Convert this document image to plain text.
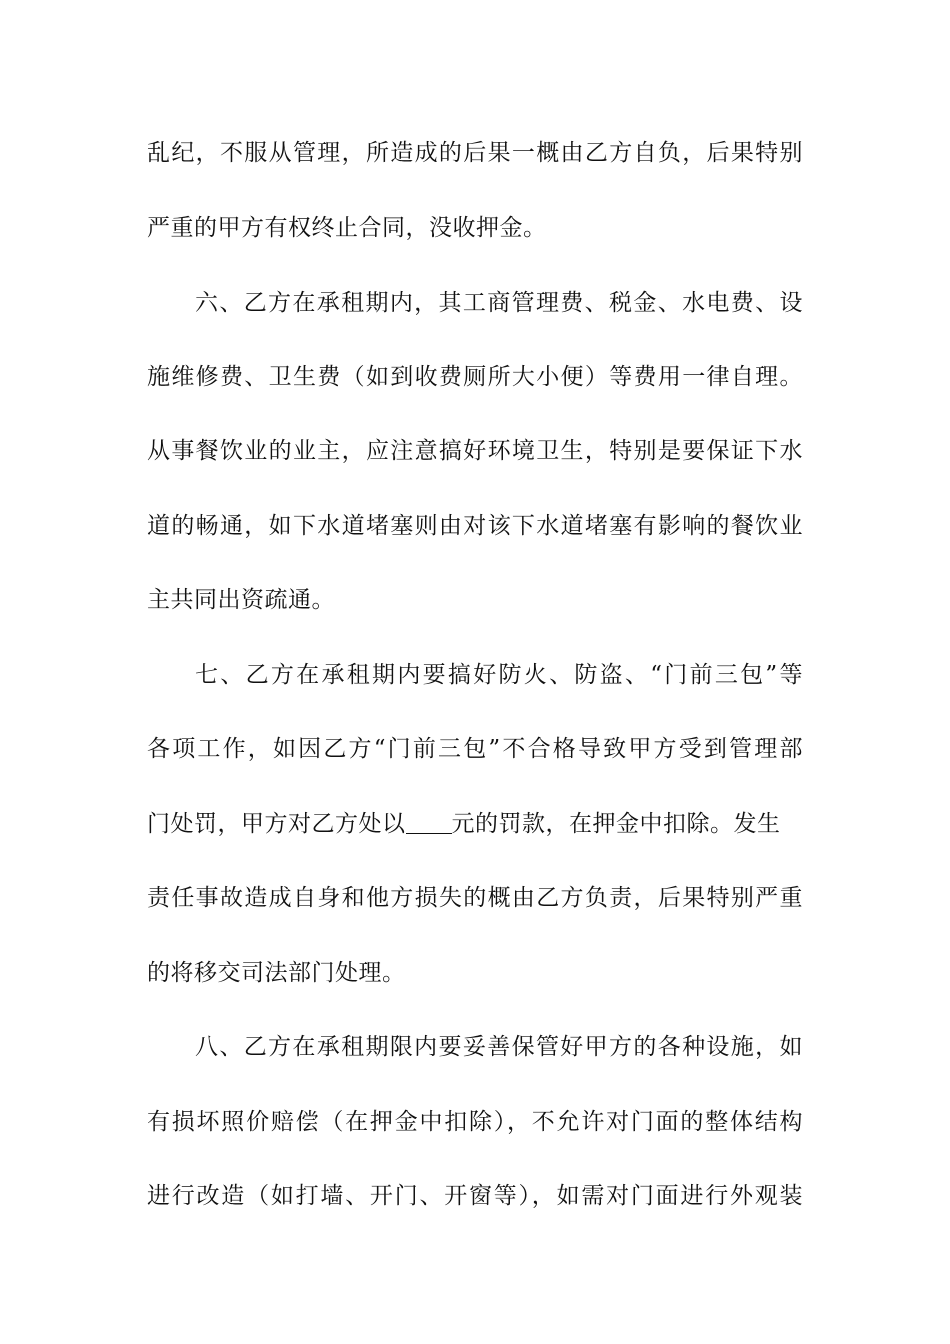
乱纪，不服从管理，所造成的后果一概由乙方自负，后果特别
严重的甲方有权终止合同，没收押金。
六、乙方在承租期内，其工商管理费、税金、水电费、设
施维修费、卫生费（如到收费厕所大小便）等费用一律自理。
从事餐饮业的业主，应注意搞好环境卫生，特别是要保证下水
道的畅通，如下水道堵塞则由对该下水道堵塞有影响的餐饮业
主共同出资疏通。
七、乙方在承租期内要搞好防火、防盗、“门前三包”等
各项工作，如因乙方“门前三包”不合格导致甲方受到管理部
门处罚，甲方对乙方处以 元的罚款，在押金中扣除。发生
责任事故造成自身和他方损失的概由乙方负责，后果特别严重
的将移交司法部门处理。
八、乙方在承租期限内要妥善保管好甲方的各种设施，如
有损坏照价赔偿（在押金中扣除），不允许对门面的整体结构
进行改造（如打墙、开门、开窗等），如需对门面进行外观装
